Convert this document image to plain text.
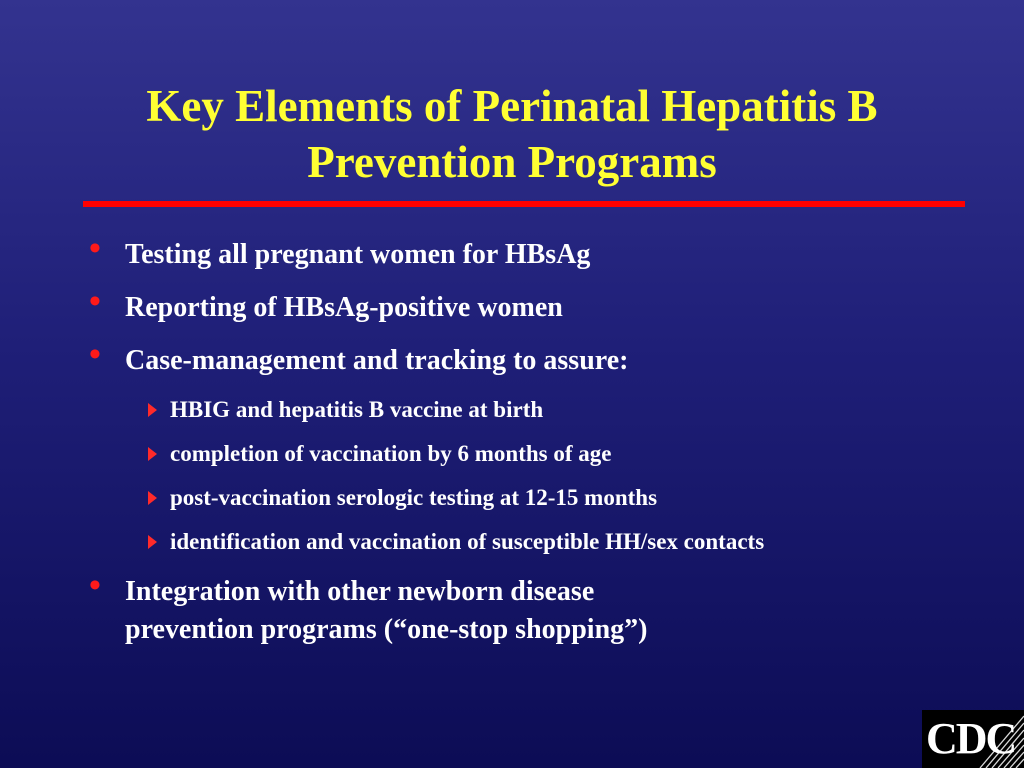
Key Elements of Perinatal Hepatitis B
Prevention Programs
• Testing all pregnant women for HBsAg
• Reporting of HBsAg-positive women
• Case-management and tracking to assure:
HBIG and hepatitis B vaccine at birth
completion of vaccination by 6 months of age
post-vaccination serologic testing at 12-15 months
identification and vaccination of susceptible HH/sex contacts
• Integration with other newborn disease
prevention programs (“one-stop shopping”)
CDC
